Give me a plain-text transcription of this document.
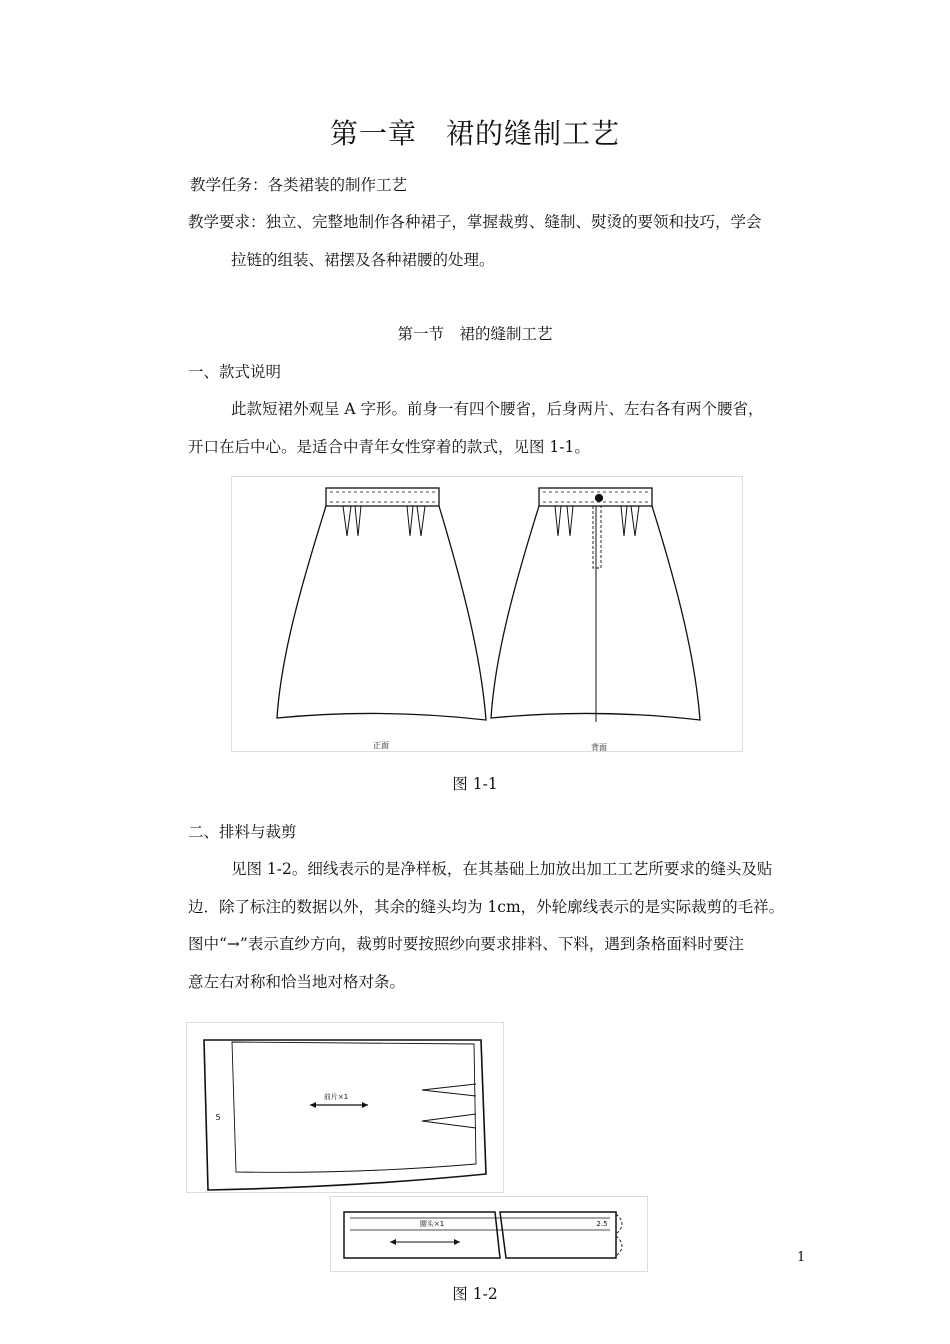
第一章　裙的缝制工艺
教学任务：各类裙装的制作工艺
教学要求：独立、完整地制作各种裙子，掌握裁剪、缝制、熨烫的要领和技巧，学会
拉链的组装、裙摆及各种裙腰的处理。
第一节　裙的缝制工艺
一、款式说明
此款短裙外观呈 A 字形。前身一有四个腰省，后身两片、左右各有两个腰省，
开口在后中心。是适合中青年女性穿着的款式，见图 1-1。
正面	背面
图 1-1
二、排料与裁剪
见图 1-2。细线表示的是净样板，在其基础上加放出加工工艺所要求的缝头及贴
边．除了标注的数据以外，其余的缝头均为 1cm，外轮廓线表示的是实际裁剪的毛祥。
图中“→”表示直纱方向，裁剪时要按照纱向要求排料、下料，遇到条格面料时要注
意左右对称和恰当地对格对条。
前片×1
5
腰头×1	2.5
图 1-2
1
